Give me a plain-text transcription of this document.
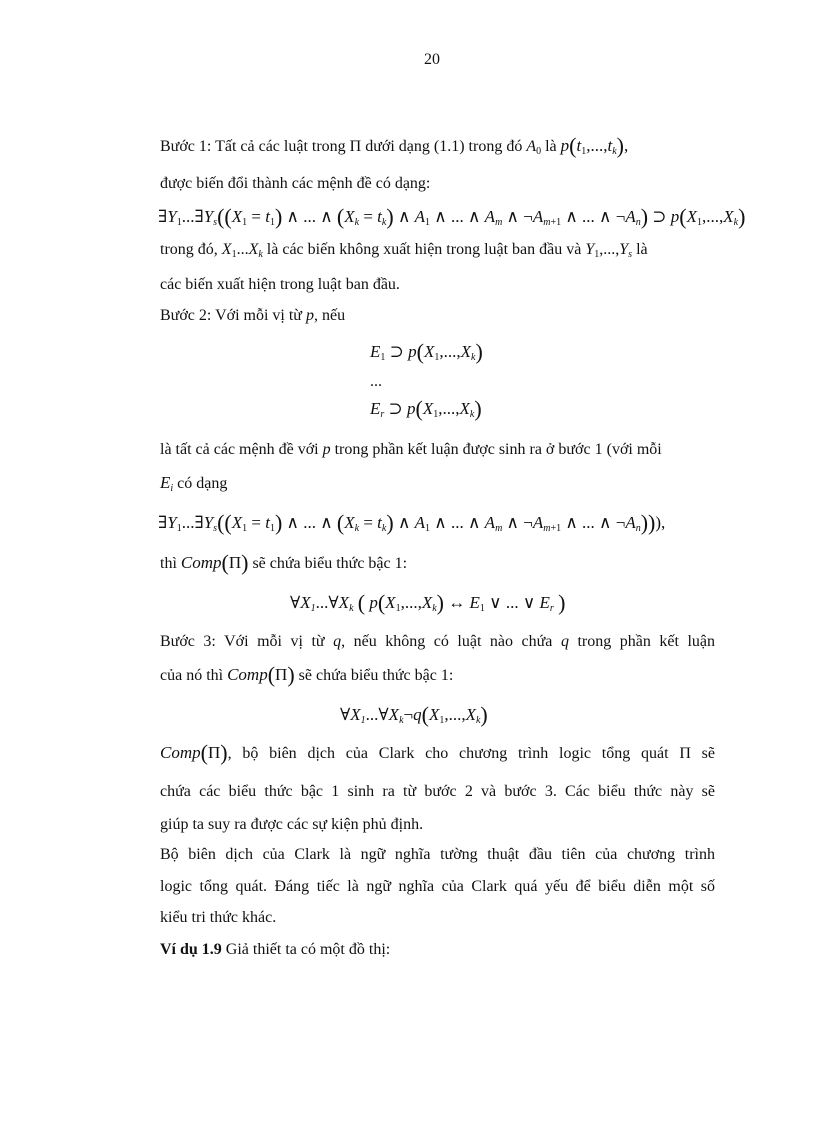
20
Bước 1: Tất cả các luật trong Π dưới dạng (1.1) trong đó $A_0$ là $p(t_1,...,t_k)$,
được biến đổi thành các mệnh đề có dạng:
$\exists Y_1...\exists Y_s((X_1 = t_1)$ ∧ ... ∧ $(X_k = t_k)$ ∧ $A_1$ ∧ ... ∧ $A_m$ ∧ $\neg A_{m+1}$ ∧ ... ∧ $\neg A_n$) ⊃ $p(X_1,...,X_k)$
trong đó, $X_1...X_k$ là các biến không xuất hiện trong luật ban đầu và $Y_1,...,Y_s$ là
các biến xuất hiện trong luật ban đầu.
Bước 2: Với mỗi vị từ p, nếu
$E_1$ ⊃ $p(X_1,...,X_k)$
...
$E_r$ ⊃ $p(X_1,...,X_k)$
là tất cả các mệnh đề với p trong phần kết luận được sinh ra ở bước 1 (với mỗi
$E_i$ có dạng
$\exists Y_1...\exists Y_s((X_1 = t_1)$ ∧ ... ∧ $(X_k = t_k)$ ∧ $A_1$ ∧ ... ∧ $A_m$ ∧ $\neg A_{m+1}$ ∧ ... ∧ $\neg A_n$))),
thì Comp(Π) sẽ chứa biểu thức bậc 1:
$\forall X_1...\forall X_k$ ( $p(X_1,...,X_k)$ ↔ $E_1$ ∨ ... ∨ $E_r$ )
Bước 3: Với mỗi vị từ q, nếu không có luật nào chứa q trong phần kết luận
của nó thì Comp(Π) sẽ chứa biểu thức bậc 1:
$\forall X_1...\forall X_k\neg q(X_1,...,X_k)$
Comp(Π), bộ biên dịch của Clark cho chương trình logic tổng quát Π sẽ
chứa các biểu thức bậc 1 sinh ra từ bước 2 và bước 3. Các biểu thức này sẽ
giúp ta suy ra được các sự kiện phủ định.
Bộ biên dịch của Clark là ngữ nghĩa tường thuật đầu tiên của chương trình
logic tổng quát. Đáng tiếc là ngữ nghĩa của Clark quá yếu để biểu diễn một số
kiểu tri thức khác.
Ví dụ 1.9 Giả thiết ta có một đồ thị:
